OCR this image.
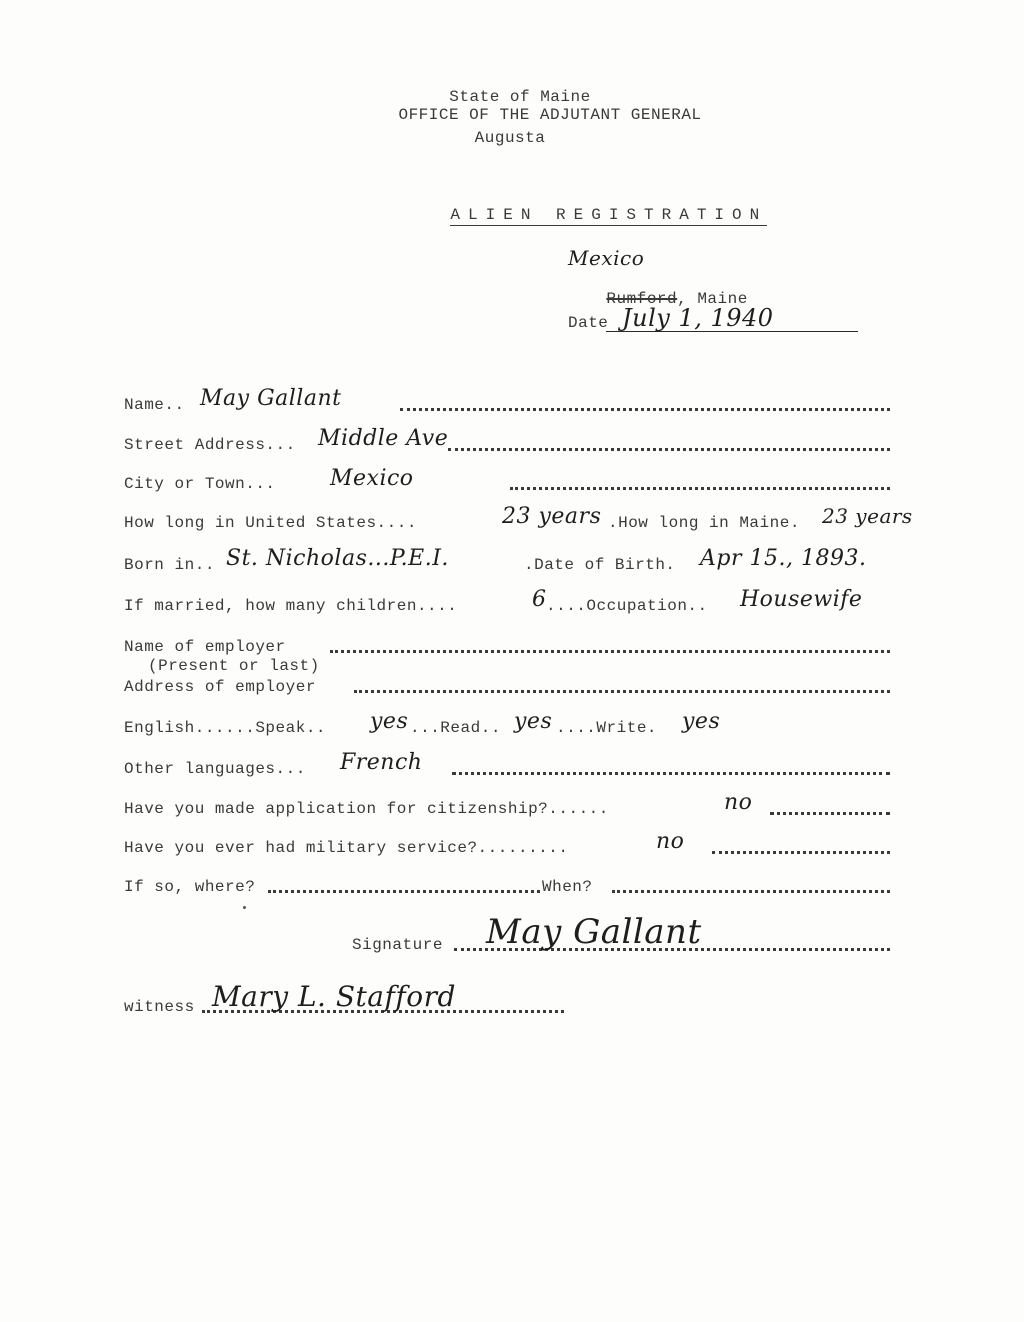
State of Maine
OFFICE OF THE ADJUTANT GENERAL
Augusta

ALIEN REGISTRATION

Mexico

Rumford, Maine

Date July 1, 1940
Name.. May Gallant
Street Address... Middle Ave
City or Town... Mexico
How long in United States....	23 years .How long in Maine. 23 years
Born in.. St. Nicholas...P.E.I.	.Date of Birth. Apr 15., 1893.
If married, how many children....	6 ....Occupation.. Housewife
Name of employer
(Present or last)
Address of employer
English......Speak.. yes ...Read.. yes ....Write. yes
Other languages... French
Have you made application for citizenship?......	no
Have you ever had military service?.........	no
If so, where?	When?
Signature May Gallant
witness Mary L. Stafford
